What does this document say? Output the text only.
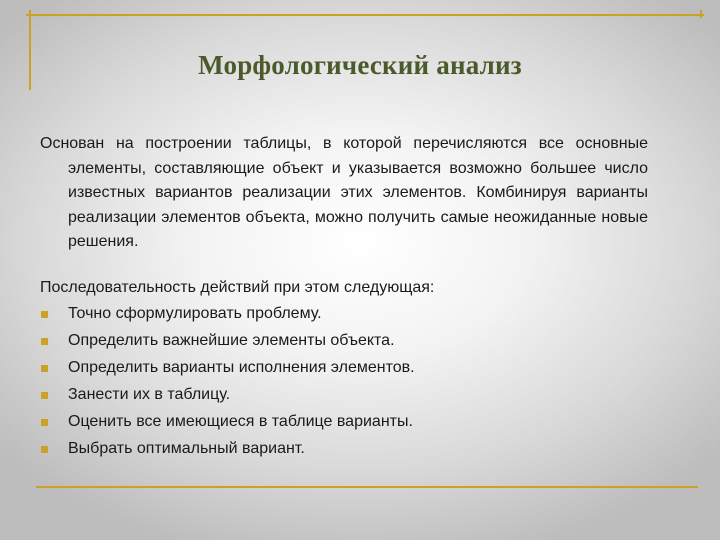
Морфологический анализ

Основан на построении таблицы, в которой перечисляются все основные элементы, составляющие объект и указывается возможно большее число известных вариантов реализации этих элементов. Комбинируя варианты реализации элементов объекта, можно получить самые неожиданные новые решения.

Последовательность действий при этом следующая:
Точно сформулировать проблему.
Определить важнейшие элементы объекта.
Определить варианты исполнения элементов.
Занести их в таблицу.
Оценить все имеющиеся в таблице варианты.
Выбрать оптимальный вариант.
